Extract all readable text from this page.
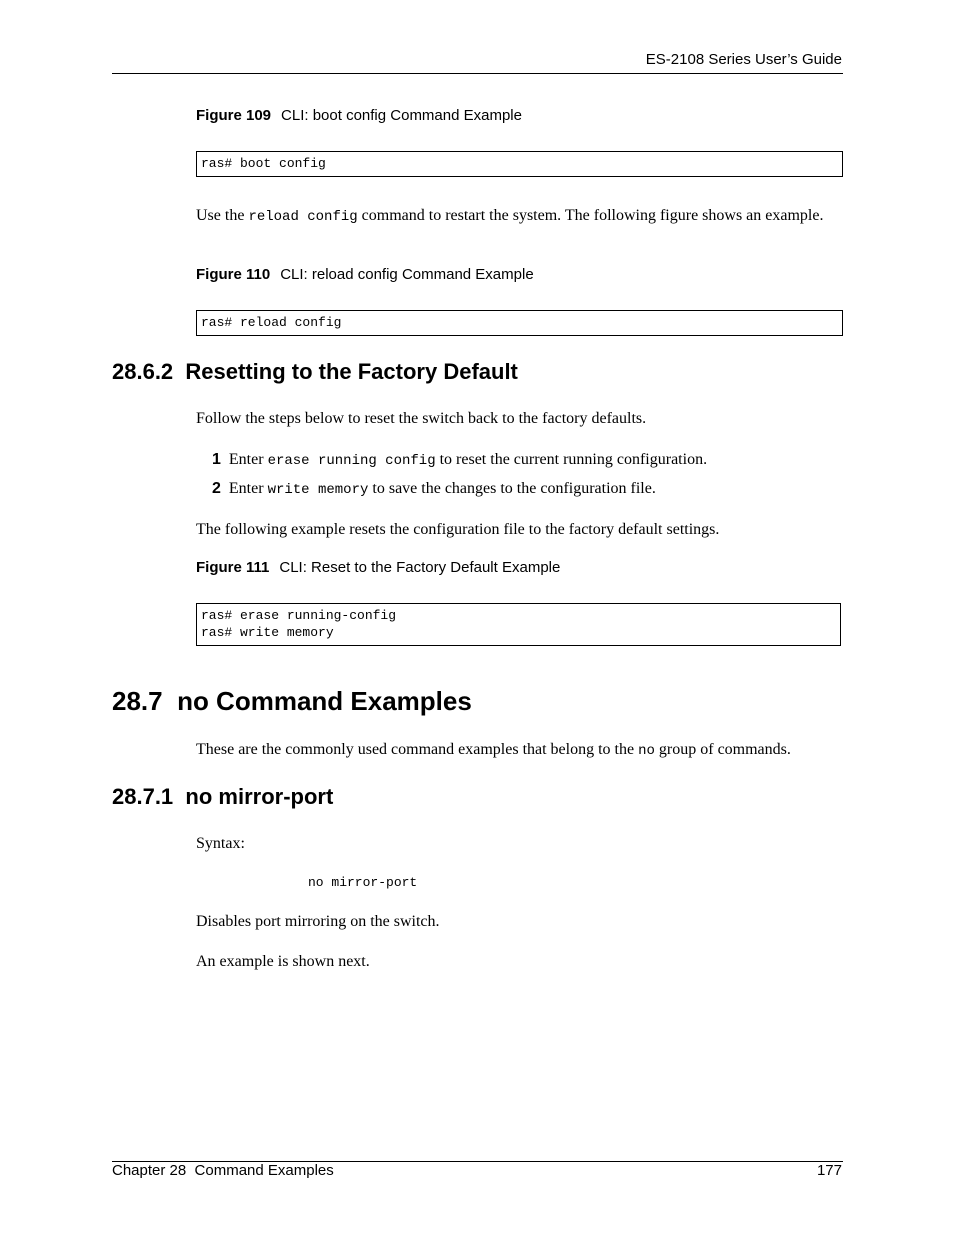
ES-2108 Series User’s Guide
Figure 109 CLI: boot config Command Example
ras# boot config
Use the reload config command to restart the system. The following figure shows an example.
Figure 110 CLI: reload config Command Example
ras# reload config
28.6.2 Resetting to the Factory Default
Follow the steps below to reset the switch back to the factory defaults.
1 Enter erase running config to reset the current running configuration.
2 Enter write memory to save the changes to the configuration file.
The following example resets the configuration file to the factory default settings.
Figure 111 CLI: Reset to the Factory Default Example
ras# erase running-config
ras# write memory
28.7 no Command Examples
These are the commonly used command examples that belong to the no group of commands.
28.7.1 no mirror-port
Syntax:
no mirror-port
Disables port mirroring on the switch.
An example is shown next.
Chapter 28  Command Examples	177
